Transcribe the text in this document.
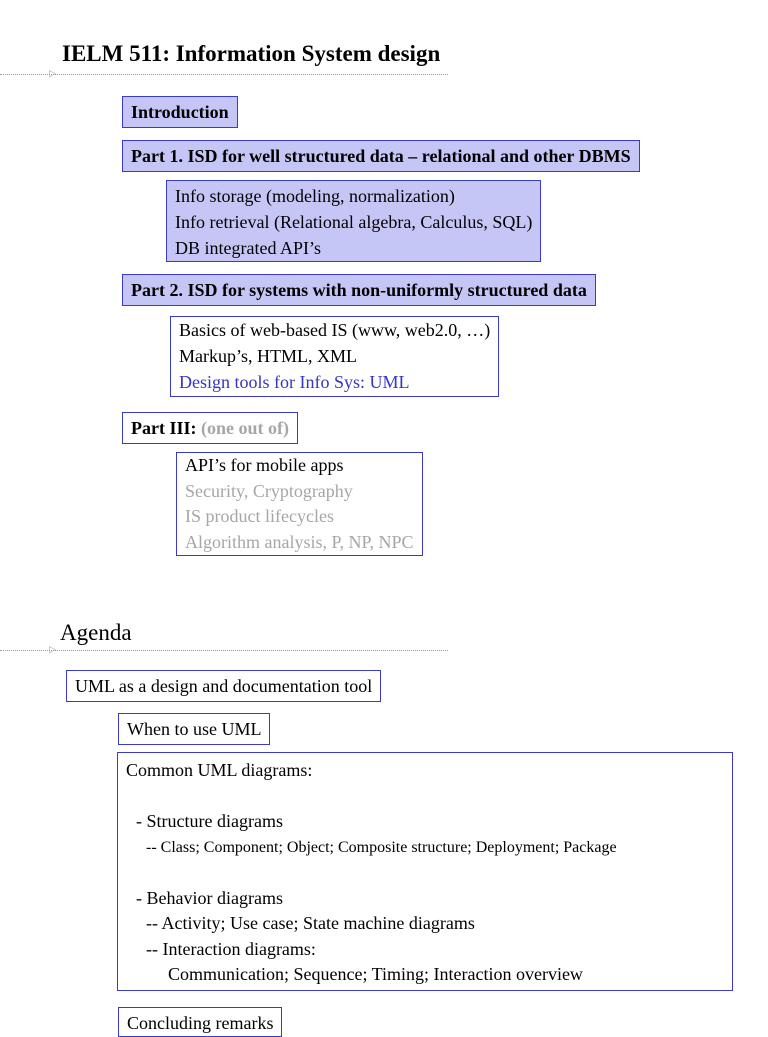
IELM 511: Information System design
▷
Introduction
Part 1. ISD for well structured data – relational and other DBMS
Info storage (modeling, normalization)
Info retrieval (Relational algebra, Calculus, SQL)
DB integrated API’s
Part 2. ISD for systems with non-uniformly structured data
Basics of web-based IS (www, web2.0, …)
Markup’s, HTML, XML
Design tools for Info Sys: UML
Part III: (one out of)
API’s for mobile apps
Security, Cryptography
IS product lifecycles
Algorithm analysis, P, NP, NPC
Agenda
▷
UML as a design and documentation tool
When to use UML
Common UML diagrams:

- Structure diagrams
-- Class; Component; Object; Composite structure; Deployment; Package

- Behavior diagrams
-- Activity; Use case; State machine diagrams
-- Interaction diagrams:
Communication; Sequence; Timing; Interaction overview
Concluding remarks
